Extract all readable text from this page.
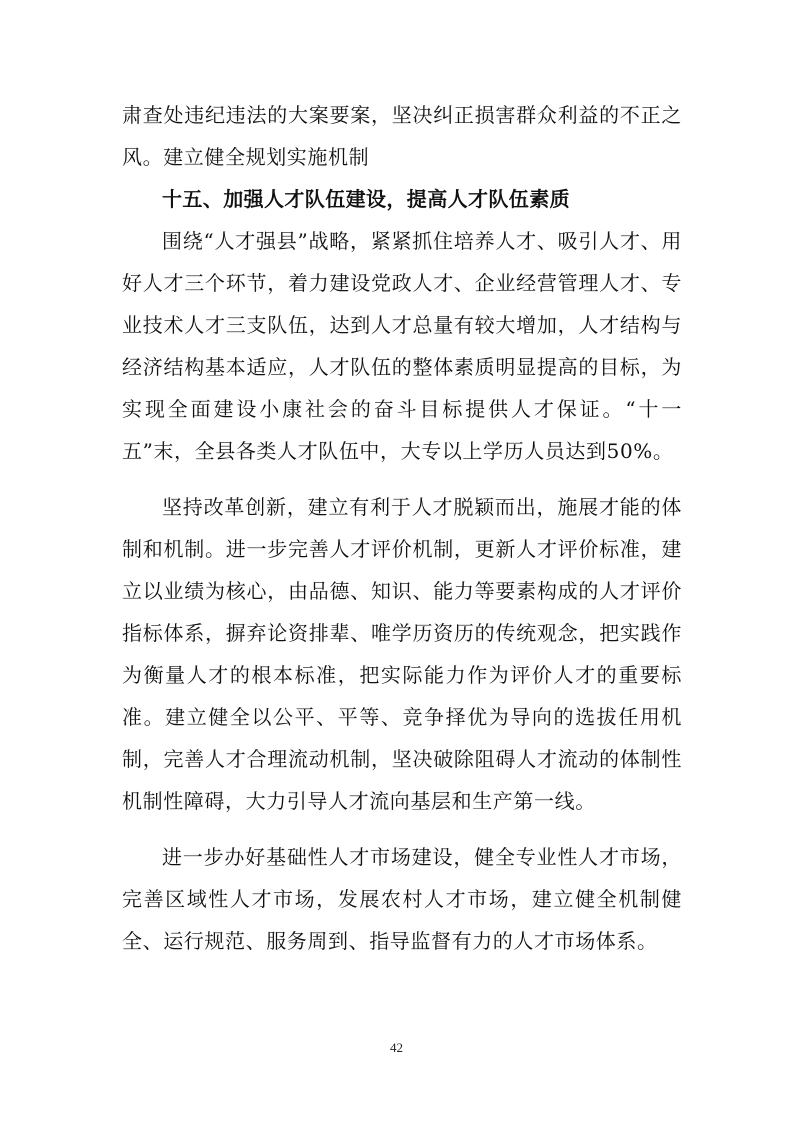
肃查处违纪违法的大案要案，坚决纠正损害群众利益的不正之风。建立健全规划实施机制

十五、加强人才队伍建设，提高人才队伍素质

围绕“人才强县”战略，紧紧抓住培养人才、吸引人才、用好人才三个环节，着力建设党政人才、企业经营管理人才、专业技术人才三支队伍，达到人才总量有较大增加，人才结构与经济结构基本适应，人才队伍的整体素质明显提高的目标，为实现全面建设小康社会的奋斗目标提供人才保证。“十一五”末，全县各类人才队伍中，大专以上学历人员达到50%。

坚持改革创新，建立有利于人才脱颖而出，施展才能的体制和机制。进一步完善人才评价机制，更新人才评价标准，建立以业绩为核心，由品德、知识、能力等要素构成的人才评价指标体系，摒弃论资排辈、唯学历资历的传统观念，把实践作为衡量人才的根本标准，把实际能力作为评价人才的重要标准。建立健全以公平、平等、竞争择优为导向的选拔任用机制，完善人才合理流动机制，坚决破除阻碍人才流动的体制性机制性障碍，大力引导人才流向基层和生产第一线。

进一步办好基础性人才市场建设，健全专业性人才市场，完善区域性人才市场，发展农村人才市场，建立健全机制健全、运行规范、服务周到、指导监督有力的人才市场体系。

42
